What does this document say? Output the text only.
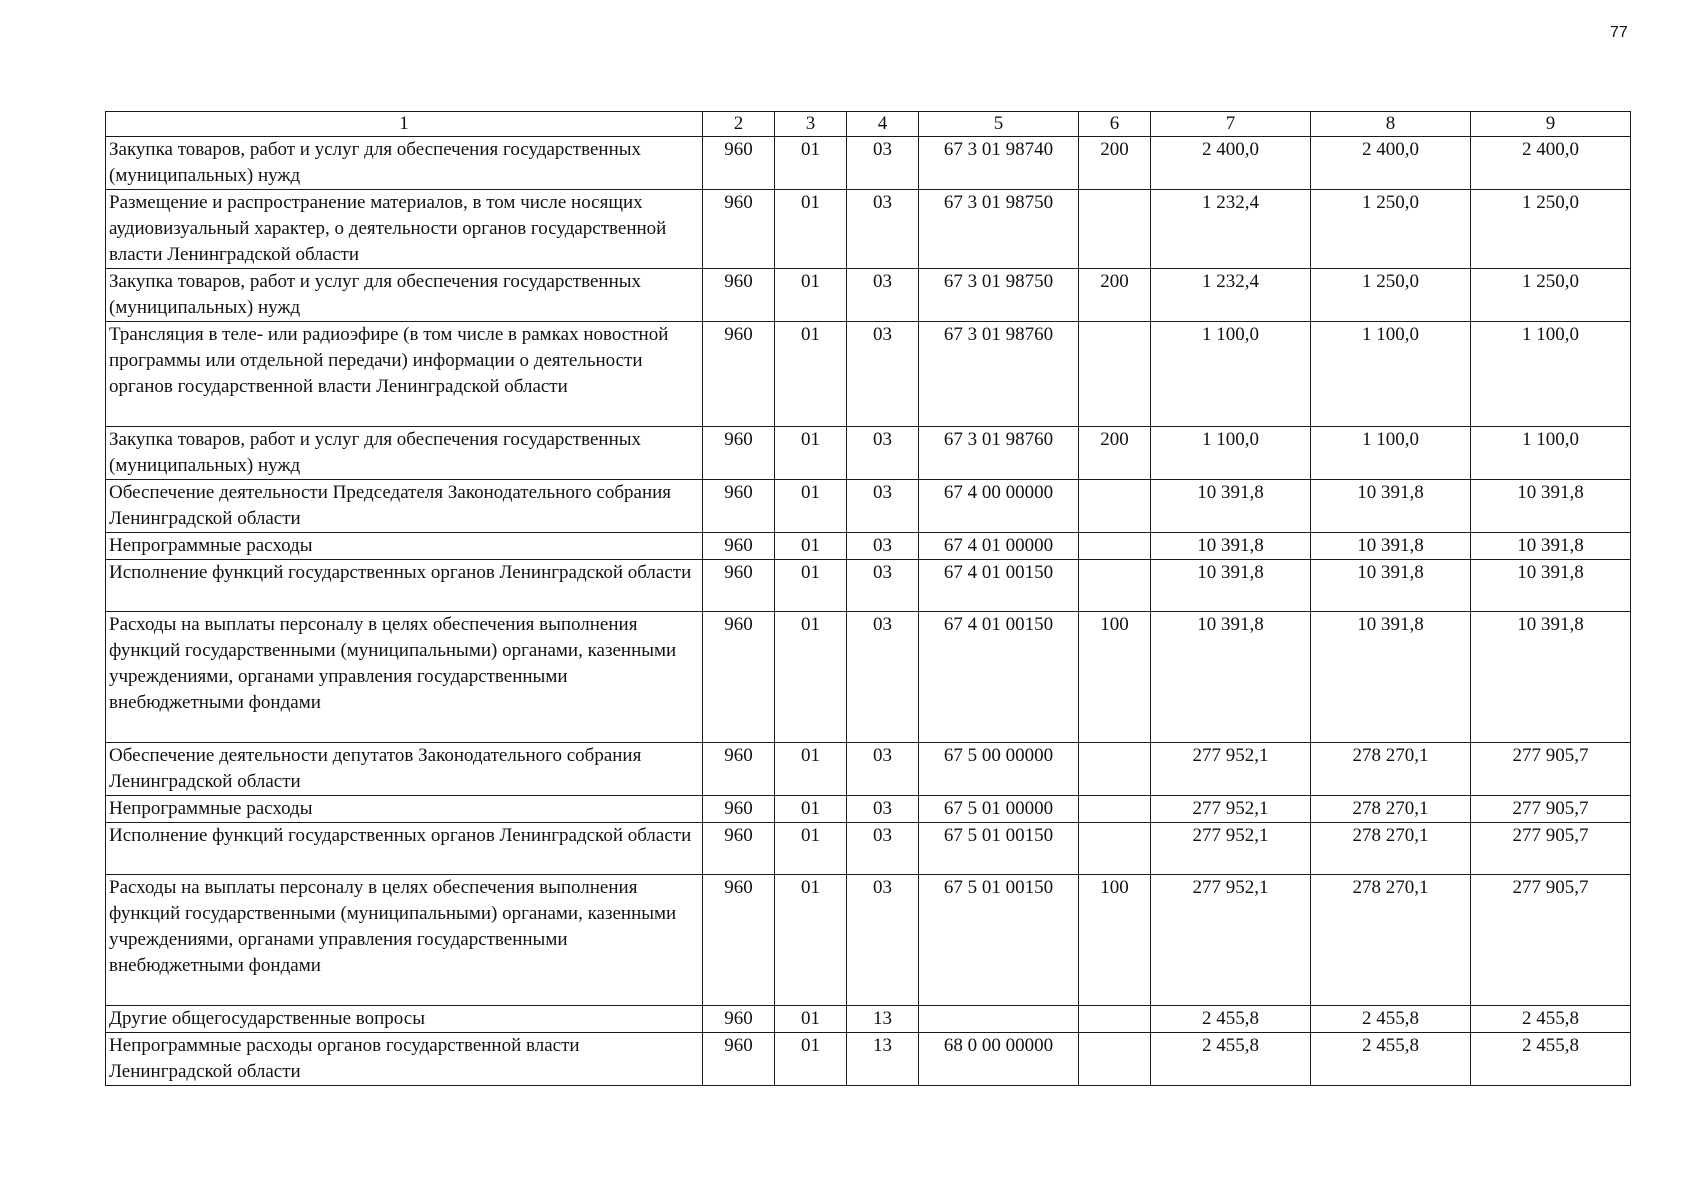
77
1	2	3	4	5	6	7	8	9
Закупка товаров, работ и услуг для обеспечения государственных (муниципальных) нужд	960	01	03	67 3 01 98740	200	2 400,0	2 400,0	2 400,0
Размещение и распространение материалов, в том числе носящих аудиовизуальный характер, о деятельности органов государственной власти Ленинградской области	960	01	03	67 3 01 98750		1 232,4	1 250,0	1 250,0
Закупка товаров, работ и услуг для обеспечения государственных (муниципальных) нужд	960	01	03	67 3 01 98750	200	1 232,4	1 250,0	1 250,0
Трансляция в теле- или радиоэфире (в том числе в рамках новостной программы или отдельной передачи) информации о деятельности органов государственной власти Ленинградской области	960	01	03	67 3 01 98760		1 100,0	1 100,0	1 100,0
Закупка товаров, работ и услуг для обеспечения государственных (муниципальных) нужд	960	01	03	67 3 01 98760	200	1 100,0	1 100,0	1 100,0
Обеспечение деятельности Председателя Законодательного собрания Ленинградской области	960	01	03	67 4 00 00000		10 391,8	10 391,8	10 391,8
Непрограммные расходы	960	01	03	67 4 01 00000		10 391,8	10 391,8	10 391,8
Исполнение функций государственных органов Ленинградской области	960	01	03	67 4 01 00150		10 391,8	10 391,8	10 391,8
Расходы на выплаты персоналу в целях обеспечения выполнения функций государственными (муниципальными) органами, казенными учреждениями, органами управления государственными внебюджетными фондами	960	01	03	67 4 01 00150	100	10 391,8	10 391,8	10 391,8
Обеспечение деятельности депутатов Законодательного собрания Ленинградской области	960	01	03	67 5 00 00000		277 952,1	278 270,1	277 905,7
Непрограммные расходы	960	01	03	67 5 01 00000		277 952,1	278 270,1	277 905,7
Исполнение функций государственных органов Ленинградской области	960	01	03	67 5 01 00150		277 952,1	278 270,1	277 905,7
Расходы на выплаты персоналу в целях обеспечения выполнения функций государственными (муниципальными) органами, казенными учреждениями, органами управления государственными внебюджетными фондами	960	01	03	67 5 01 00150	100	277 952,1	278 270,1	277 905,7
Другие общегосударственные вопросы	960	01	13			2 455,8	2 455,8	2 455,8
Непрограммные расходы органов государственной власти Ленинградской области	960	01	13	68 0 00 00000		2 455,8	2 455,8	2 455,8
